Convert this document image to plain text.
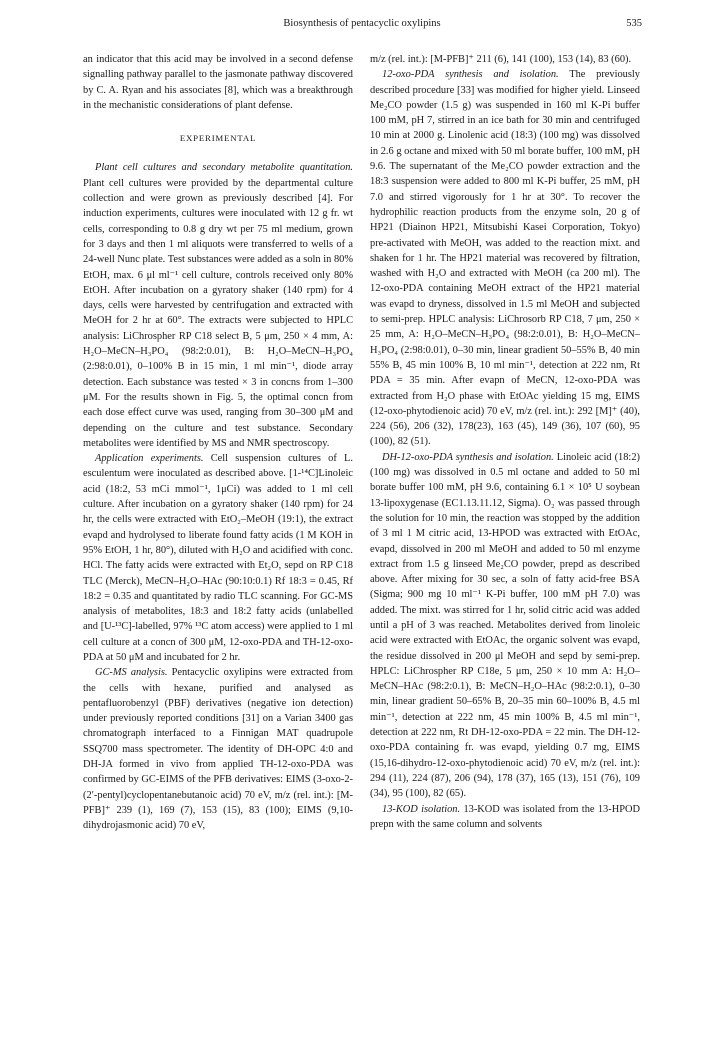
Biosynthesis of pentacyclic oxylipins	535

an indicator that this acid may be involved in a second defense signalling pathway parallel to the jasmonate pathway discovered by C. A. Ryan and his associates [8], which was a breakthrough in the mechanistic considerations of plant defense.

EXPERIMENTAL

Plant cell cultures and secondary metabolite quantitation. Plant cell cultures were provided by the departmental culture collection and were grown as previously described [4]. For induction experiments, cultures were inoculated with 12 g fr. wt cells, corresponding to 0.8 g dry wt per 75 ml medium, grown for 3 days and then 1 ml aliquots were transferred to wells of a 24-well Nunc plate. Test substances were added as a soln in 80% EtOH, max. 6 μl ml⁻¹ cell culture, controls received only 80% EtOH. After incubation on a gyratory shaker (140 rpm) for 4 days, cells were harvested by centrifugation and extracted with MeOH for 2 hr at 60°. The extracts were subjected to HPLC analysis: LiChrospher RP C18 select B, 5 μm, 250 × 4 mm, A: H₂O–MeCN–H₃PO₄ (98:2:0.01), B: H₂O–MeCN–H₃PO₄ (2:98:0.01), 0–100% B in 15 min, 1 ml min⁻¹, diode array detection. Each substance was tested × 3 in concns from 1–300 μM. For the results shown in Fig. 5, the optimal concn from each dose effect curve was used, ranging from 30–300 μM and depending on the culture and test substance. Secondary metabolites were identified by MS and NMR spectroscopy.

Application experiments. Cell suspension cultures of L. esculentum were inoculated as described above. [1-¹⁴C]Linoleic acid (18:2, 53 mCi mmol⁻¹, 1μCi) was added to 1 ml cell culture. After incubation on a gyratory shaker (140 rpm) for 24 hr, the cells were extracted with EtO₂–MeOH (19:1), the extract evapd and hydrolysed to liberate found fatty acids (1 M KOH in 95% EtOH, 1 hr, 80°), diluted with H₂O and acidified with conc. HCl. The fatty acids were extracted with Et₂O, sepd on RP C18 TLC (Merck), MeCN–H₂O–HAc (90:10:0.1) Rf 18:3 = 0.45, Rf 18:2 = 0.35 and quantitated by radio TLC scanning. For GC-MS analysis of metabolites, 18:3 and 18:2 fatty acids (unlabelled and [U-¹³C]-labelled, 97% ¹³C atom access) were applied to 1 ml cell culture at a concn of 300 μM, 12-oxo-PDA and TH-12-oxo-PDA at 50 μM and incubated for 2 hr.

GC-MS analysis. Pentacyclic oxylipins were extracted from the cells with hexane, purified and analysed as pentafluorobenzyl (PBF) derivatives (negative ion detection) under previously reported conditions [31] on a Varian 3400 gas chromatograph interfaced to a Finnigan MAT quadrupole SSQ700 mass spectrometer. The identity of DH-OPC 4:0 and DH-JA formed in vivo from applied TH-12-oxo-PDA was confirmed by GC-EIMS of the PFB derivatives: EIMS (3-oxo-2-(2′-pentyl)cyclopentanebutanoic acid) 70 eV, m/z (rel. int.): [M-PFB]⁺ 239 (1), 169 (7), 153 (15), 83 (100); EIMS (9,10-dihydrojasmonic acid) 70 eV,

m/z (rel. int.): [M-PFB]⁺ 211 (6), 141 (100), 153 (14), 83 (60).

12-oxo-PDA synthesis and isolation. The previously described procedure [33] was modified for higher yield. Linseed Me₂CO powder (1.5 g) was suspended in 160 ml K-Pi buffer 100 mM, pH 7, stirred in an ice bath for 30 min and centrifuged 10 min at 2000 g. Linolenic acid (18:3) (100 mg) was dissolved in 2.6 g octane and mixed with 50 ml borate buffer, 100 mM, pH 9.6. The supernatant of the Me₂CO powder extraction and the 18:3 suspension were added to 800 ml K-Pi buffer, 25 mM, pH 7.0 and stirred vigorously for 1 hr at 30°. To recover the hydrophilic reaction products from the enzyme soln, 20 g of HP21 (Diainon HP21, Mitsubishi Kasei Corporation, Tokyo) pre-activated with MeOH, was added to the reaction mixt. and shaken for 1 hr. The HP21 material was recovered by filtration, washed with H₂O and extracted with MeOH (ca 200 ml). The 12-oxo-PDA containing MeOH extract of the HP21 material was evapd to dryness, dissolved in 1.5 ml MeOH and subjected to semi-prep. HPLC analysis: LiChrosorb RP C18, 7 μm, 250 × 25 mm, A: H₂O–MeCN–H₃PO₄ (98:2:0.01), B: H₂O–MeCN–H₃PO₄ (2:98:0.01), 0–30 min, linear gradient 50–55% B, 40 min 55% B, 45 min 100% B, 10 ml min⁻¹, detection at 222 nm, Rt PDA = 35 min. After evapn of MeCN, 12-oxo-PDA was extracted from H₂O phase with EtOAc yielding 15 mg, EIMS (12-oxo-phytodienoic acid) 70 eV, m/z (rel. int.): 292 [M]⁺ (40), 224 (56), 206 (32), 178(23), 163 (45), 149 (36), 107 (60), 95 (100), 82 (51).

DH-12-oxo-PDA synthesis and isolation. Linoleic acid (18:2) (100 mg) was dissolved in 0.5 ml octane and added to 50 ml borate buffer 100 mM, pH 9.6, containing 6.1 × 10⁵ U soybean 13-lipoxygenase (EC1.13.11.12, Sigma). O₂ was passed through the solution for 10 min, the reaction was stopped by the addition of 3 ml 1 M citric acid, 13-HPOD was extracted with EtOAc, evapd, dissolved in 200 ml MeOH and added to 50 ml enzyme extract from 1.5 g linseed Me₂CO powder, prepd as described above. After mixing for 30 sec, a soln of fatty acid-free BSA (Sigma; 900 mg 10 ml⁻¹ K-Pi buffer, 100 mM pH 7.0) was added. The mixt. was stirred for 1 hr, solid citric acid was added until a pH of 3 was reached. Metabolites derived from linoleic acid were extracted with EtOAc, the organic solvent was evapd, the residue dissolved in 200 μl MeOH and sepd by semi-prep. HPLC: LiChrospher RP C18e, 5 μm, 250 × 10 mm A: H₂O–MeCN–HAc (98:2:0.1), B: MeCN–H₂O–HAc (98:2:0.1), 0–30 min, linear gradient 50–65% B, 20–35 min 60–100% B, 4.5 ml min⁻¹, detection at 222 nm, 45 min 100% B, 4.5 ml min⁻¹, detection at 222 nm, Rt DH-12-oxo-PDA = 22 min. The DH-12-oxo-PDA containing fr. was evapd, yielding 0.7 mg, EIMS (15,16-dihydro-12-oxo-phytodienoic acid) 70 eV, m/z (rel. int.): 294 (11), 224 (87), 206 (94), 178 (37), 165 (13), 151 (76), 109 (34), 95 (100), 82 (65).

13-KOD isolation. 13-KOD was isolated from the 13-HPOD prepn with the same column and solvents
